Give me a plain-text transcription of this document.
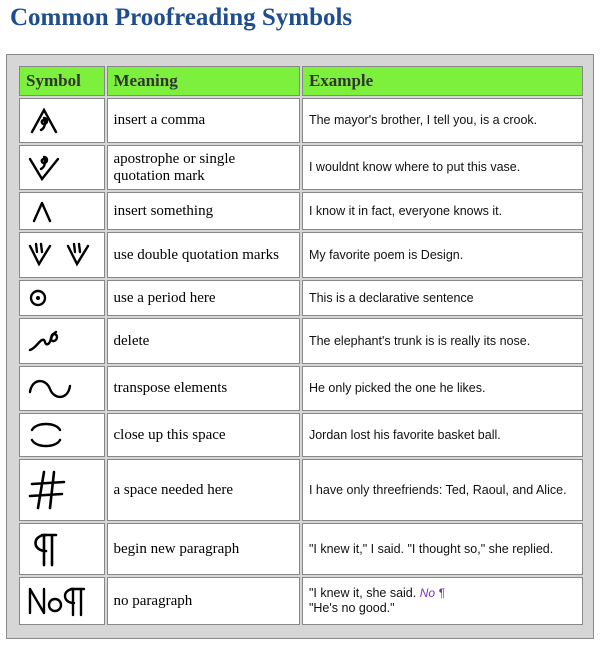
Common Proofreading Symbols
Symbol	Meaning	Example

	insert a comma	The mayor's brother, I tell you, is a crook.

	apostrophe or single quotation mark	I wouldnt know where to put this vase.

	insert something	I know it in fact, everyone knows it.

	use double quotation marks	My favorite poem is Design.

	use a period here	This is a declarative sentence

	delete	The elephant's trunk is is really its nose.

	transpose elements	He only picked the one he likes.

	close up this space	Jordan lost his favorite basket ball.

	a space needed here	I have only threefriends: Ted, Raoul, and Alice.

	begin new paragraph	"I knew it," I said. "I thought so," she replied.

	no paragraph	"I knew it, she said. No ¶
"He's no good."
